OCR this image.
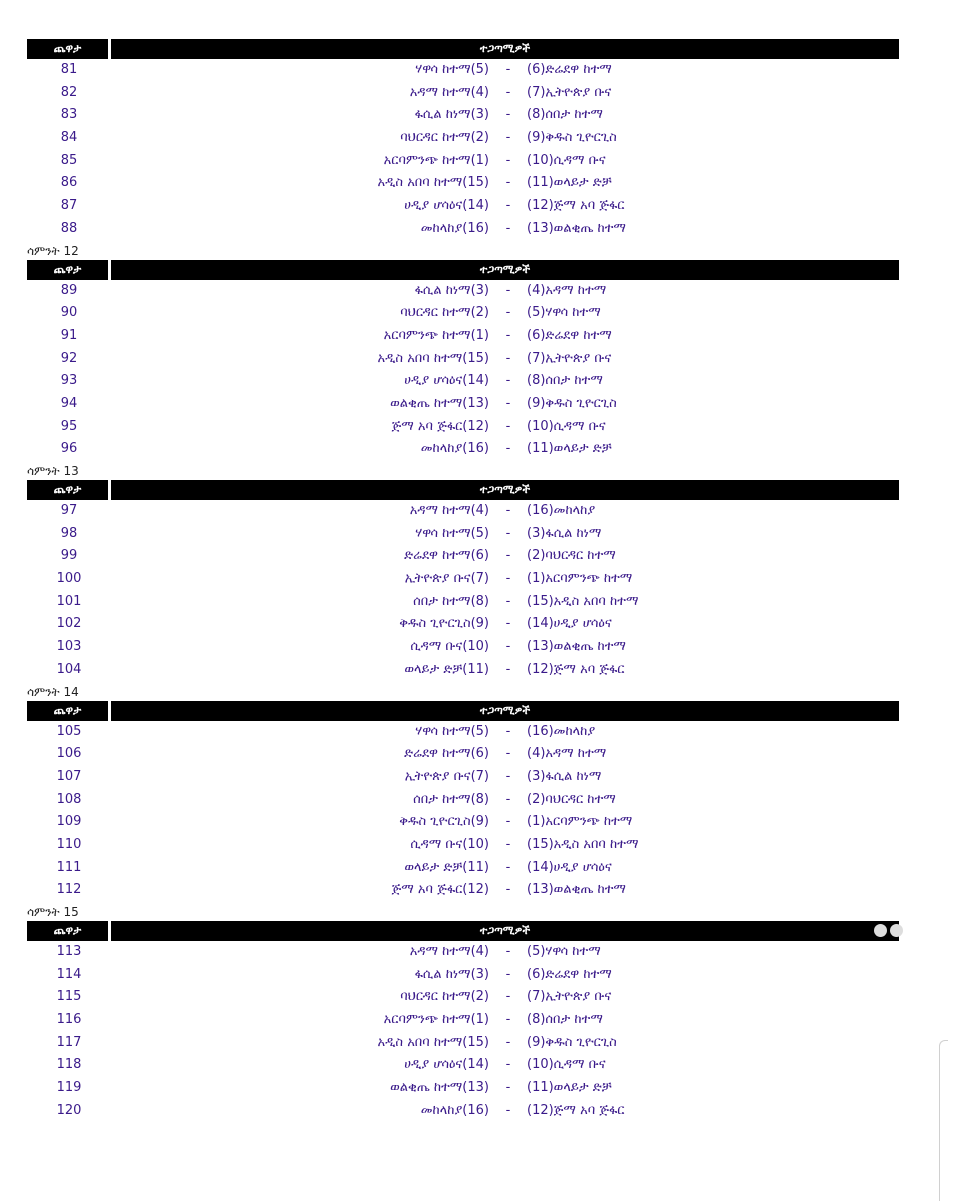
ጨዋታ	ተጋጣሚዎች
81	ሃዋሳ ከተማ(5)	-	(6)ድሬደዋ ከተማ
82	አዳማ ከተማ(4)	-	(7)ኢትዮጵያ ቡና
83	ፋሲል ከነማ(3)	-	(8)ሰበታ ከተማ
84	ባህርዳር ከተማ(2)	-	(9)ቅዱስ ጊዮርጊስ
85	አርባምንጭ ከተማ(1)	-	(10)ሲዳማ ቡና
86	አዲስ አበባ ከተማ(15)	-	(11)ወላይታ ድቻ
87	ሀዲያ ሆሳዕና(14)	-	(12)ጅማ አባ ጅፋር
88	መከላከያ(16)	-	(13)ወልቂጤ ከተማ
ሳምንት 12
ጨዋታ	ተጋጣሚዎች
89	ፋሲል ከነማ(3)	-	(4)አዳማ ከተማ
90	ባህርዳር ከተማ(2)	-	(5)ሃዋሳ ከተማ
91	አርባምንጭ ከተማ(1)	-	(6)ድሬደዋ ከተማ
92	አዲስ አበባ ከተማ(15)	-	(7)ኢትዮጵያ ቡና
93	ሀዲያ ሆሳዕና(14)	-	(8)ሰበታ ከተማ
94	ወልቂጤ ከተማ(13)	-	(9)ቅዱስ ጊዮርጊስ
95	ጅማ አባ ጅፋር(12)	-	(10)ሲዳማ ቡና
96	መከላከያ(16)	-	(11)ወላይታ ድቻ
ሳምንት 13
ጨዋታ	ተጋጣሚዎች
97	አዳማ ከተማ(4)	-	(16)መከላከያ
98	ሃዋሳ ከተማ(5)	-	(3)ፋሲል ከነማ
99	ድሬደዋ ከተማ(6)	-	(2)ባህርዳር ከተማ
100	ኢትዮጵያ ቡና(7)	-	(1)አርባምንጭ ከተማ
101	ሰበታ ከተማ(8)	-	(15)አዲስ አበባ ከተማ
102	ቅዱስ ጊዮርጊስ(9)	-	(14)ሀዲያ ሆሳዕና
103	ሲዳማ ቡና(10)	-	(13)ወልቂጤ ከተማ
104	ወላይታ ድቻ(11)	-	(12)ጅማ አባ ጅፋር
ሳምንት 14
ጨዋታ	ተጋጣሚዎች
105	ሃዋሳ ከተማ(5)	-	(16)መከላከያ
106	ድሬደዋ ከተማ(6)	-	(4)አዳማ ከተማ
107	ኢትዮጵያ ቡና(7)	-	(3)ፋሲል ከነማ
108	ሰበታ ከተማ(8)	-	(2)ባህርዳር ከተማ
109	ቅዱስ ጊዮርጊስ(9)	-	(1)አርባምንጭ ከተማ
110	ሲዳማ ቡና(10)	-	(15)አዲስ አበባ ከተማ
111	ወላይታ ድቻ(11)	-	(14)ሀዲያ ሆሳዕና
112	ጅማ አባ ጅፋር(12)	-	(13)ወልቂጤ ከተማ
ሳምንት 15
ጨዋታ	ተጋጣሚዎች
113	አዳማ ከተማ(4)	-	(5)ሃዋሳ ከተማ
114	ፋሲል ከነማ(3)	-	(6)ድሬደዋ ከተማ
115	ባህርዳር ከተማ(2)	-	(7)ኢትዮጵያ ቡና
116	አርባምንጭ ከተማ(1)	-	(8)ሰበታ ከተማ
117	አዲስ አበባ ከተማ(15)	-	(9)ቅዱስ ጊዮርጊስ
118	ሀዲያ ሆሳዕና(14)	-	(10)ሲዳማ ቡና
119	ወልቂጤ ከተማ(13)	-	(11)ወላይታ ድቻ
120	መከላከያ(16)	-	(12)ጅማ አባ ጅፋር
